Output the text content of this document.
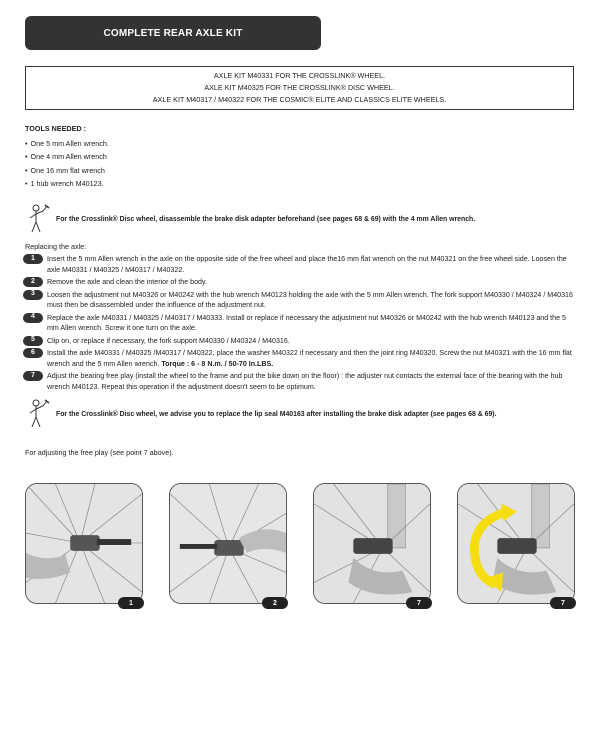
COMPLETE REAR AXLE KIT
AXLE KIT M40331 FOR THE CROSSLINK® WHEEL.
AXLE KIT M40325 FOR THE CROSSLINK® DISC WHEEL.
AXLE KIT M40317 / M40322 FOR THE COSMIC® ELITE AND CLASSICS ELITE WHEELS.
TOOLS NEEDED :
• One 5 mm Allen wrench.
• One 4 mm Allen wrench
• One 16 mm flat wrench
• 1 hub wrench M40123.
For the Crosslink® Disc wheel, disassemble the brake disk adapter beforehand (see pages 68 & 69) with the 4 mm Allen wrench.
Replacing the axle:
1	Insert the 5 mm Allen wrench in the axle on the opposite side of the free wheel and place the16 mm flat wrench on the nut M40321 on the free wheel side. Loosen the axle M40331 / M40325 / M40317 / M40322.
2	Remove the axle and clean the interior of the body.
3	Loosen the adjustment nut M40326 or M40242 with the hub wrench M40123 holding the axle with the 5 mm Allen wrench. The fork support M40330 / M40324 / M40316 must then be disassembled under the influence of the adjustment nut.
4	Replace the axle M40331 / M40325 / M40317 / M40333. Install or replace if necessary the adjustment nut M40326 or M40242 with the hub wrench M40123 and the 5 mm Allen wrench. Screw it one turn on the axle.
5	Clip on, or replace if necessary, the fork support M40330 / M40324 / M40316.
6	Install the axle M40331 / M40325 /M40317 / M40322, place the washer M40322 if necessary and then the joint ring M40320. Screw the nut M40321 with the 16 mm flat wrench and the 5 mm Allen wrench. Torque : 6 - 8 N.m. / 50-70 In.LBS.
7	Adjust the bearing free play (install the wheel to the frame and put the bike down on the floor) : the adjuster nut contacts the external face of the bearing with the hub wrench M40123. Repeat this operation if the adjustment doesn't seem to be optimum.
For the Crosslink® Disc wheel, we advise you to replace the lip seal M40163 after installing the brake disk adapter (see pages 68 & 69).
For adjusting the free play (see point 7 above).
1	2	7	7
